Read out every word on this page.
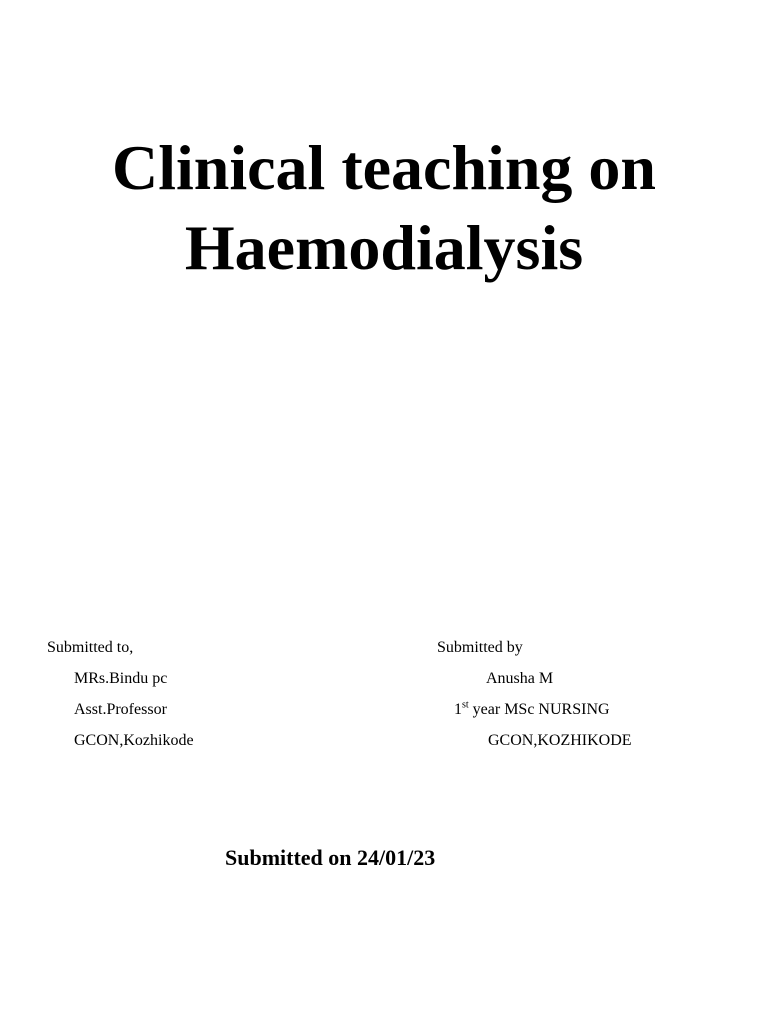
Clinical teaching on
Haemodialysis
Submitted to,
MRs.Bindu pc
Asst.Professor
GCON,Kozhikode
Submitted by
Anusha M
1st year MSc NURSING
GCON,KOZHIKODE
Submitted on 24/01/23
